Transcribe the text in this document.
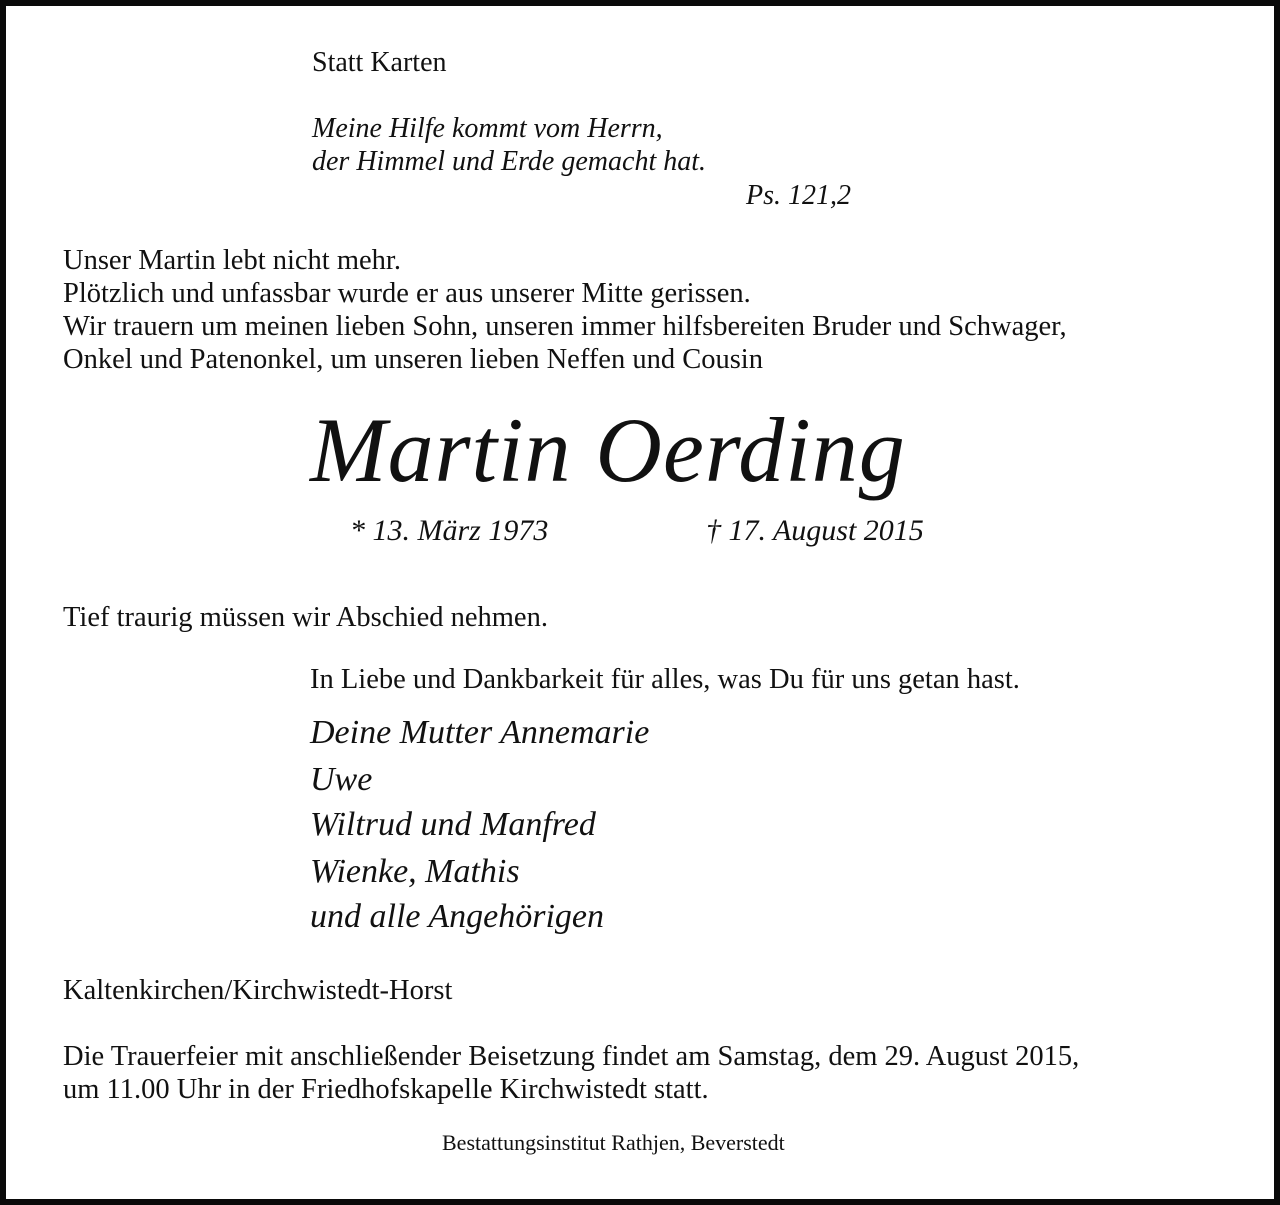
Statt Karten
Meine Hilfe kommt vom Herrn,
der Himmel und Erde gemacht hat.
Ps. 121,2
Unser Martin lebt nicht mehr.
Plötzlich und unfassbar wurde er aus unserer Mitte gerissen.
Wir trauern um meinen lieben Sohn, unseren immer hilfsbereiten Bruder und Schwager,
Onkel und Patenonkel, um unseren lieben Neffen und Cousin
Martin Oerding
* 13. März 1973	† 17. August 2015
Tief traurig müssen wir Abschied nehmen.
In Liebe und Dankbarkeit für alles, was Du für uns getan hast.
Deine Mutter Annemarie
Uwe
Wiltrud und Manfred
Wienke, Mathis
und alle Angehörigen
Kaltenkirchen/Kirchwistedt-Horst
Die Trauerfeier mit anschließender Beisetzung findet am Samstag, dem 29. August 2015,
um 11.00 Uhr in der Friedhofskapelle Kirchwistedt statt.
Bestattungsinstitut Rathjen, Beverstedt
